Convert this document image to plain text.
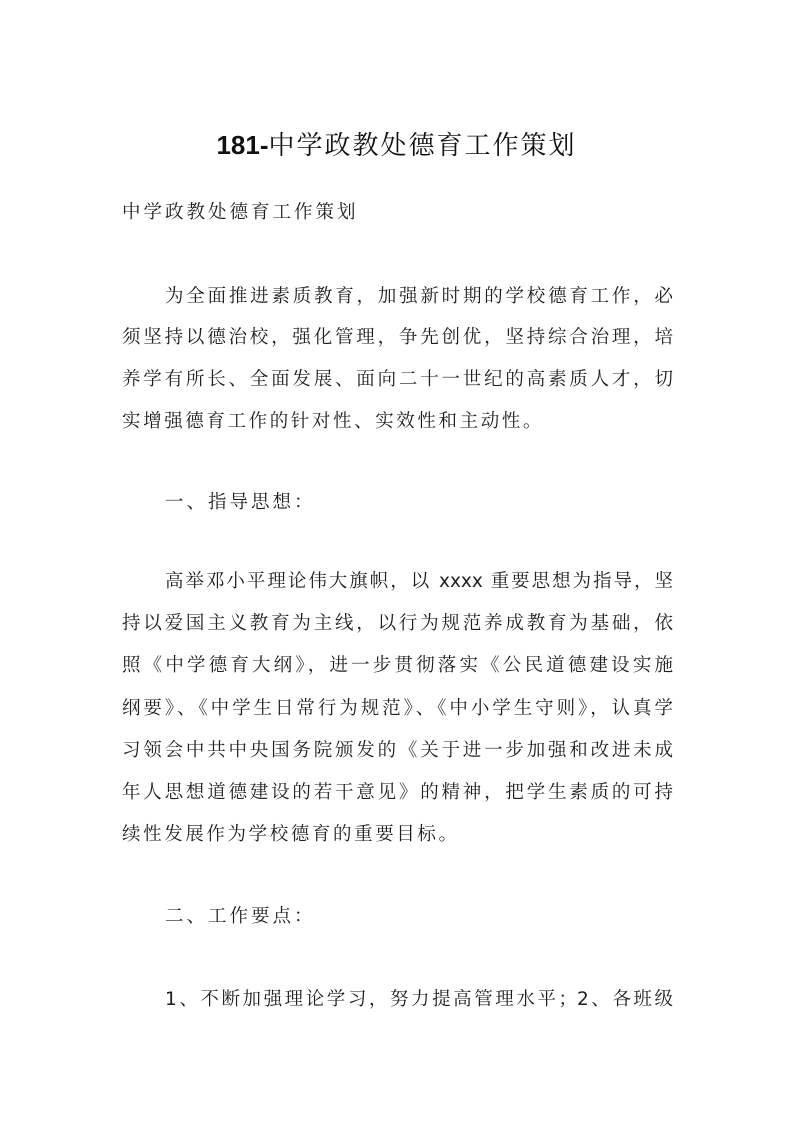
181-中学政教处德育工作策划
中学政教处德育工作策划
为全面推进素质教育，加强新时期的学校德育工作，必
须坚持以德治校，强化管理，争先创优，坚持综合治理，培
养学有所长、全面发展、面向二十一世纪的高素质人才，切
实增强德育工作的针对性、实效性和主动性。
一、指导思想：
高举邓小平理论伟大旗帜，以 xxxx 重要思想为指导，坚
持以爱国主义教育为主线，以行为规范养成教育为基础，依
照《中学德育大纲》，进一步贯彻落实《公民道德建设实施
纲要》、《中学生日常行为规范》、《中小学生守则》，认真学
习领会中共中央国务院颁发的《关于进一步加强和改进未成
年人思想道德建设的若干意见》的精神，把学生素质的可持
续性发展作为学校德育的重要目标。
二、工作要点：
1、不断加强理论学习，努力提高管理水平；2、各班级
